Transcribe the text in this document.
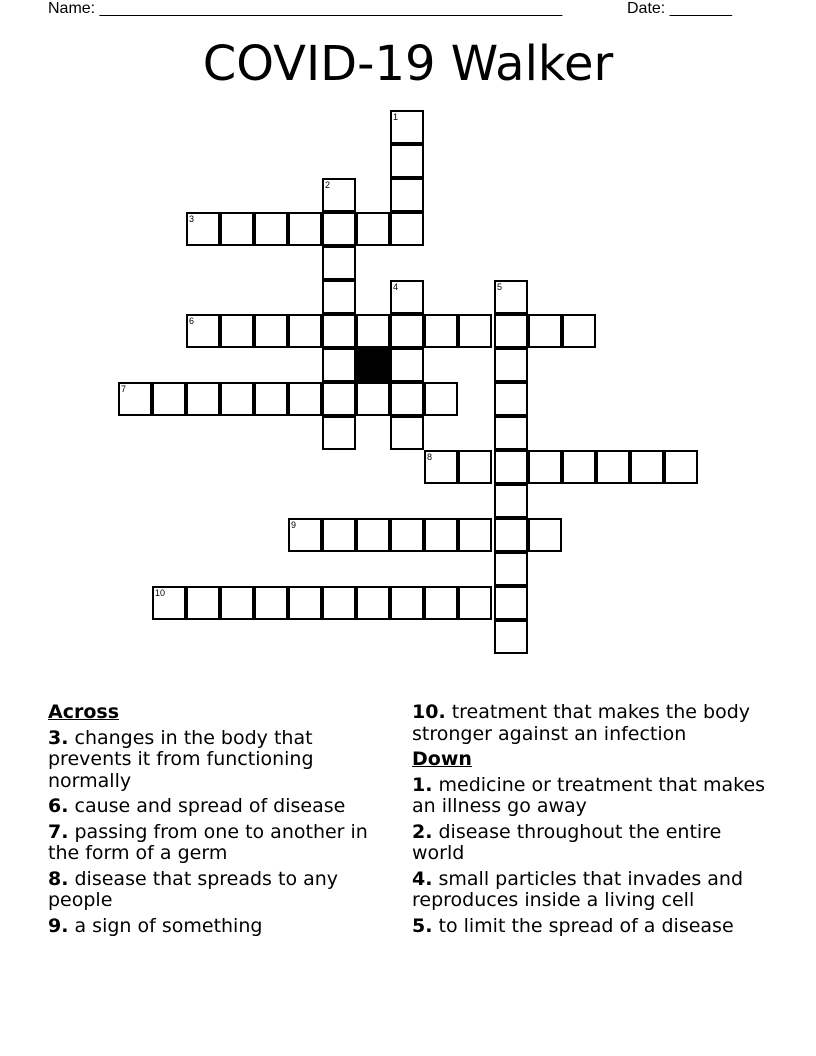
Name: ____________________________________________________	Date: _______
COVID-19 Walker
1
2
3
4	5
6
7
8
9
10
Across
3. changes in the body that prevents it from functioning normally
6. cause and spread of disease
7. passing from one to another in the form of a germ
8. disease that spreads to any people
9. a sign of something
10. treatment that makes the body stronger against an infection
Down
1. medicine or treatment that makes an illness go away
2. disease throughout the entire world
4. small particles that invades and reproduces inside a living cell
5. to limit the spread of a disease
